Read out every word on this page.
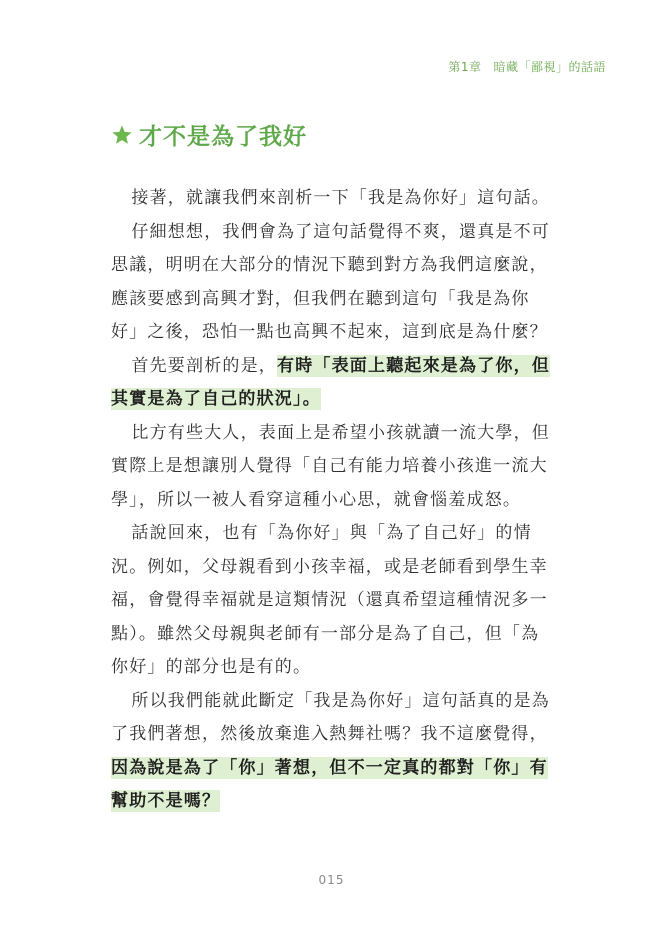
第1章 暗藏「鄙視」的話語
才不是為了我好

接著，就讓我們來剖析一下「我是為你好」這句話。

仔細想想，我們會為了這句話覺得不爽，還真是不可思議，明明在大部分的情況下聽到對方為我們這麼說，應該要感到高興才對，但我們在聽到這句「我是為你好」之後，恐怕一點也高興不起來，這到底是為什麼？

首先要剖析的是，有時「表面上聽起來是為了你，但其實是為了自己的狀況」。

比方有些大人，表面上是希望小孩就讀一流大學，但實際上是想讓別人覺得「自己有能力培養小孩進一流大學」，所以一被人看穿這種小心思，就會惱羞成怒。

話說回來，也有「為你好」與「為了自己好」的情況。例如，父母親看到小孩幸福，或是老師看到學生幸福，會覺得幸福就是這類情況（還真希望這種情況多一點）。雖然父母親與老師有一部分是為了自己，但「為你好」的部分也是有的。

所以我們能就此斷定「我是為你好」這句話真的是為了我們著想，然後放棄進入熱舞社嗎？我不這麼覺得，因為說是為了「你」著想，但不一定真的都對「你」有幫助不是嗎？

015
